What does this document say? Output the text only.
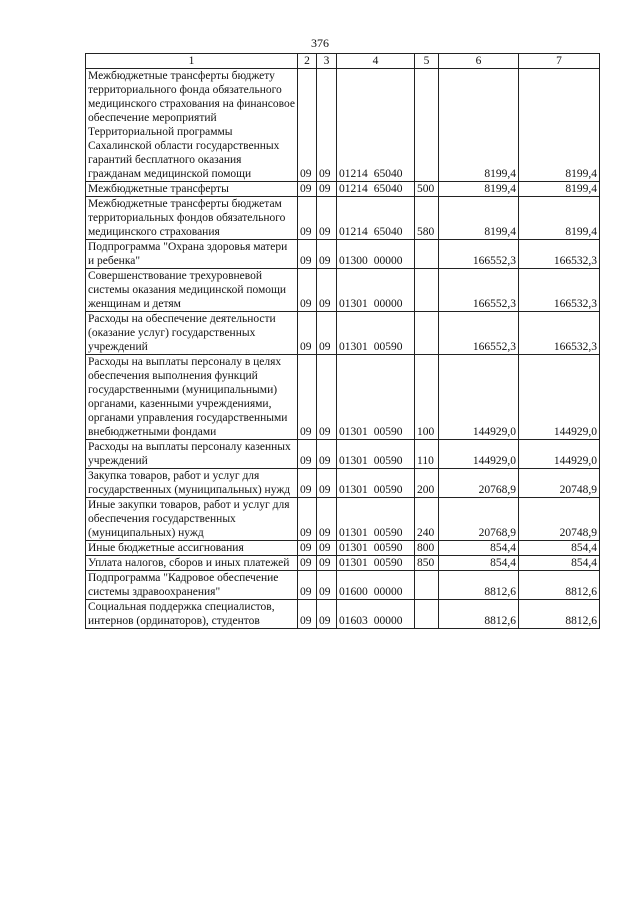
376
1	2	3	4	5	6	7
Межбюджетные трансферты бюджету территориального фонда обязательного медицинского страхования на финансовое обеспечение мероприятий Территориальной программы Сахалинской области государственных гарантий бесплатного оказания гражданам медицинской помощи	09	09	01214 65040		8199,4	8199,4
Межбюджетные трансферты	09	09	01214 65040	500	8199,4	8199,4
Межбюджетные трансферты бюджетам территориальных фондов обязательного медицинского страхования	09	09	01214 65040	580	8199,4	8199,4
Подпрограмма "Охрана здоровья матери и ребенка"	09	09	01300 00000		166552,3	166532,3
Совершенствование трехуровневой системы оказания медицинской помощи женщинам и детям	09	09	01301 00000		166552,3	166532,3
Расходы на обеспечение деятельности (оказание услуг) государственных учреждений	09	09	01301 00590		166552,3	166532,3
Расходы на выплаты персоналу в целях обеспечения выполнения функций государственными (муниципальными) органами, казенными учреждениями, органами управления государственными внебюджетными фондами	09	09	01301 00590	100	144929,0	144929,0
Расходы на выплаты персоналу казенных учреждений	09	09	01301 00590	110	144929,0	144929,0
Закупка товаров, работ и услуг для государственных (муниципальных) нужд	09	09	01301 00590	200	20768,9	20748,9
Иные закупки товаров, работ и услуг для обеспечения государственных (муниципальных) нужд	09	09	01301 00590	240	20768,9	20748,9
Иные бюджетные ассигнования	09	09	01301 00590	800	854,4	854,4
Уплата налогов, сборов и иных платежей	09	09	01301 00590	850	854,4	854,4
Подпрограмма "Кадровое обеспечение системы здравоохранения"	09	09	01600 00000		8812,6	8812,6
Социальная поддержка специалистов, интернов (ординаторов), студентов	09	09	01603 00000		8812,6	8812,6
